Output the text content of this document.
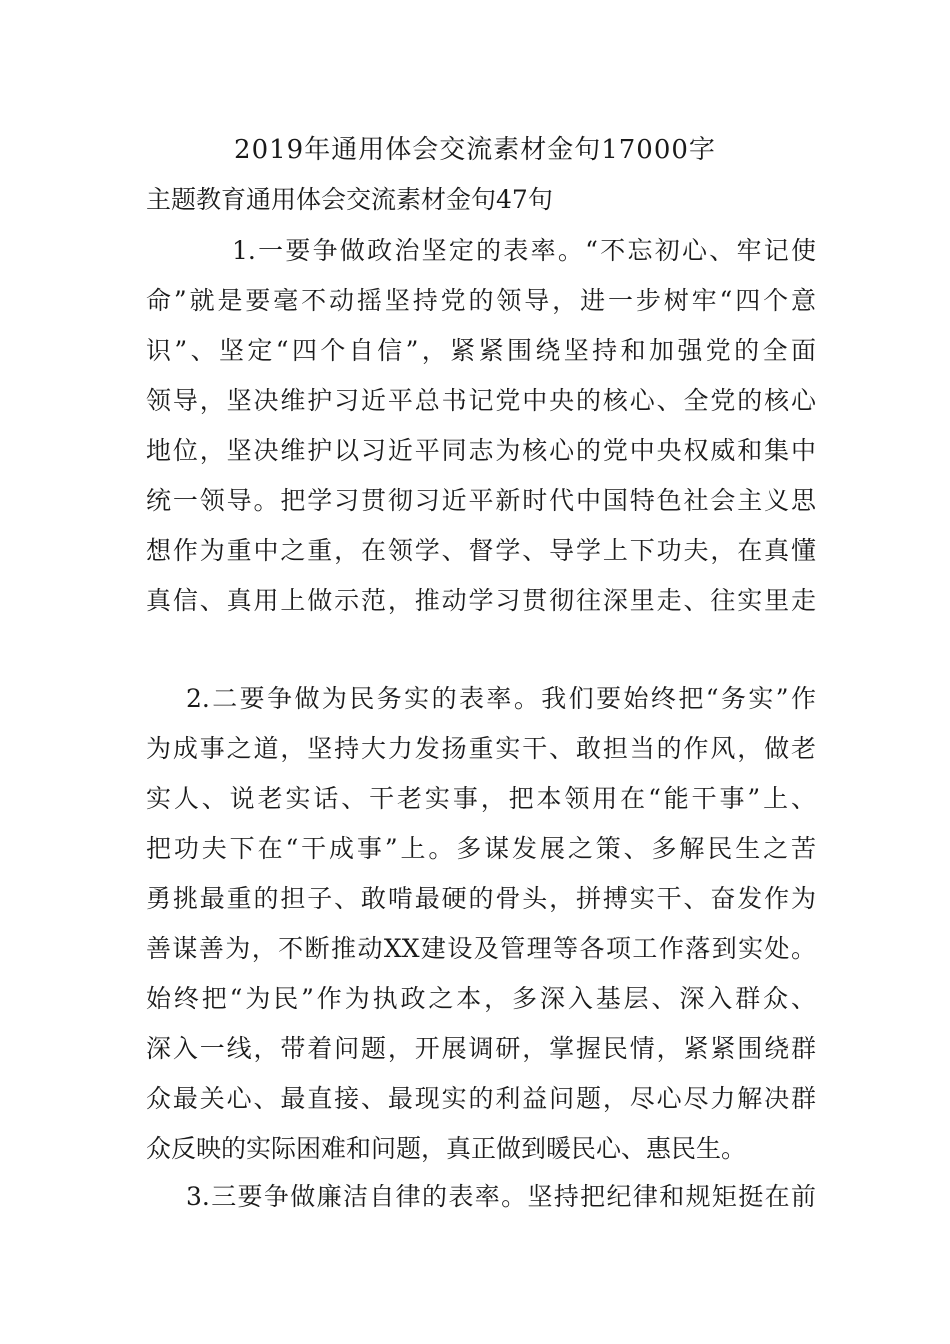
2019年通用体会交流素材金句17000字
主题教育通用体会交流素材金句47句
1.一要争做政治坚定的表率。“不忘初心、牢记使
命”就是要毫不动摇坚持党的领导，进一步树牢“四个意
识”、坚定“四个自信”，紧紧围绕坚持和加强党的全面
领导，坚决维护习近平总书记党中央的核心、全党的核心
地位，坚决维护以习近平同志为核心的党中央权威和集中
统一领导。把学习贯彻习近平新时代中国特色社会主义思
想作为重中之重，在领学、督学、导学上下功夫，在真懂
真信、真用上做示范，推动学习贯彻往深里走、往实里走
2.二要争做为民务实的表率。我们要始终把“务实”作
为成事之道，坚持大力发扬重实干、敢担当的作风，做老
实人、说老实话、干老实事，把本领用在“能干事”上、
把功夫下在“干成事”上。多谋发展之策、多解民生之苦
勇挑最重的担子、敢啃最硬的骨头，拼搏实干、奋发作为
善谋善为，不断推动XX建设及管理等各项工作落到实处。
始终把“为民”作为执政之本，多深入基层、深入群众、
深入一线，带着问题，开展调研，掌握民情，紧紧围绕群
众最关心、最直接、最现实的利益问题，尽心尽力解决群
众反映的实际困难和问题，真正做到暖民心、惠民生。
3.三要争做廉洁自律的表率。坚持把纪律和规矩挺在前
